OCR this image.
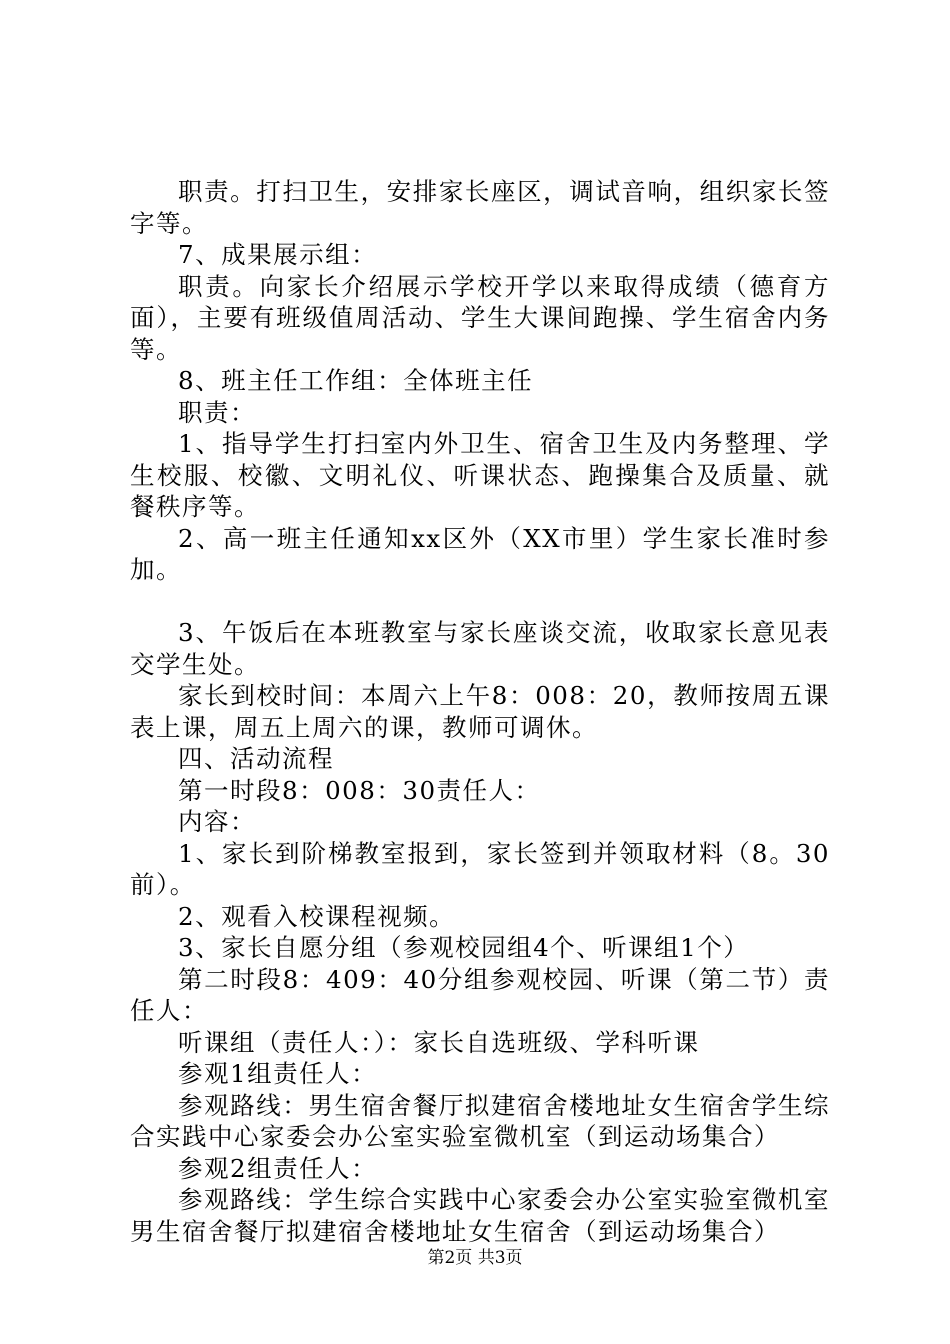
职责。打扫卫生，安排家长座区，调试音响，组织家长签字等。

7、成果展示组：

职责。向家长介绍展示学校开学以来取得成绩（德育方面），主要有班级值周活动、学生大课间跑操、学生宿舍内务等。

8、班主任工作组：全体班主任

职责：

1、指导学生打扫室内外卫生、宿舍卫生及内务整理、学生校服、校徽、文明礼仪、听课状态、跑操集合及质量、就餐秩序等。

2、高一班主任通知xx区外（XX市里）学生家长准时参加。

3、午饭后在本班教室与家长座谈交流，收取家长意见表交学生处。

家长到校时间：本周六上午8：008：20，教师按周五课表上课，周五上周六的课，教师可调休。

四、活动流程

第一时段8：008：30责任人：

内容：

1、家长到阶梯教室报到，家长签到并领取材料（8。30前）。

2、观看入校课程视频。

3、家长自愿分组（参观校园组4个、听课组1个）

第二时段8：409：40分组参观校园、听课（第二节）责任人：

听课组（责任人：）：家长自选班级、学科听课

参观1组责任人：

参观路线：男生宿舍餐厅拟建宿舍楼地址女生宿舍学生综合实践中心家委会办公室实验室微机室（到运动场集合）

参观2组责任人：

参观路线：学生综合实践中心家委会办公室实验室微机室男生宿舍餐厅拟建宿舍楼地址女生宿舍（到运动场集合）

第2页 共3页
